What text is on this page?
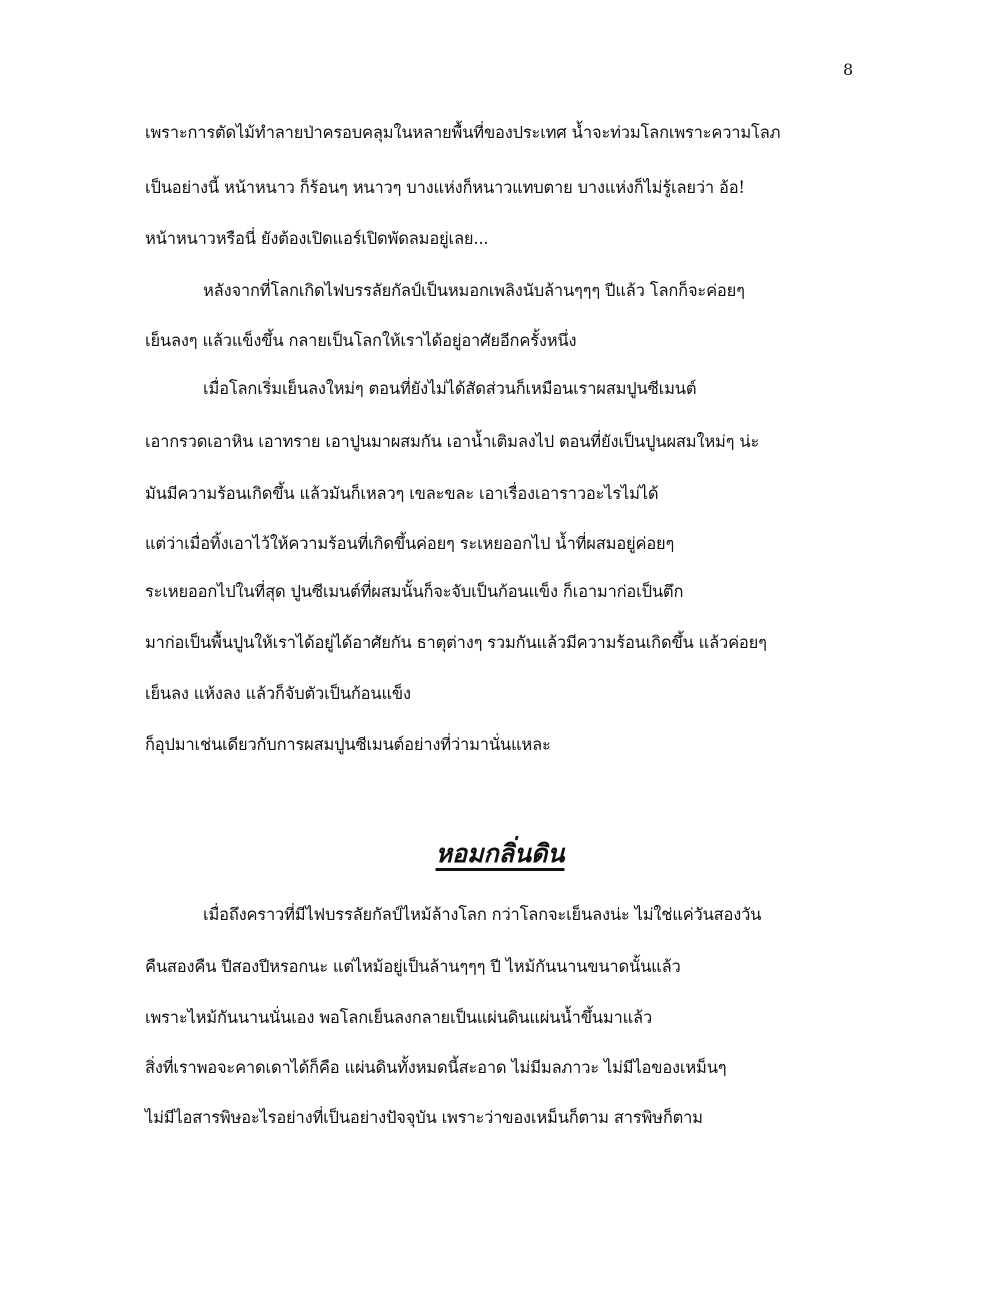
8
เพราะการตัดไม้ทำลายป่าครอบคลุมในหลายพื้นที่ของประเทศ น้ำจะท่วมโลกเพราะความโลภ
เป็นอย่างนี้ หน้าหนาว ก็ร้อนๆ หนาวๆ บางแห่งก็หนาวแทบตาย บางแห่งก็ไม่รู้เลยว่า อ้อ!
หน้าหนาวหรือนี่ ยังต้องเปิดแอร์เปิดพัดลมอยู่เลย...
หลังจากที่โลกเกิดไฟบรรลัยกัลป์เป็นหมอกเพลิงนับล้านๆๆๆ ปีแล้ว โลกก็จะค่อยๆ
เย็นลงๆ แล้วแข็งขึ้น กลายเป็นโลกให้เราได้อยู่อาศัยอีกครั้งหนึ่ง
เมื่อโลกเริ่มเย็นลงใหม่ๆ ตอนที่ยังไม่ได้สัดส่วนก็เหมือนเราผสมปูนซีเมนต์
เอากรวดเอาหิน เอาทราย เอาปูนมาผสมกัน เอาน้ำเติมลงไป ตอนที่ยังเป็นปูนผสมใหม่ๆ น่ะ
มันมีความร้อนเกิดขึ้น แล้วมันก็เหลวๆ เขละขละ เอาเรื่องเอาราวอะไรไม่ได้
แต่ว่าเมื่อทิ้งเอาไว้ให้ความร้อนที่เกิดขึ้นค่อยๆ ระเหยออกไป น้ำที่ผสมอยู่ค่อยๆ
ระเหยออกไปในที่สุด ปูนซีเมนต์ที่ผสมนั้นก็จะจับเป็นก้อนแข็ง ก็เอามาก่อเป็นตึก
มาก่อเป็นพื้นปูนให้เราได้อยู่ได้อาศัยกัน ธาตุต่างๆ รวมกันแล้วมีความร้อนเกิดขึ้น แล้วค่อยๆ
เย็นลง แห้งลง แล้วก็จับตัวเป็นก้อนแข็ง
ก็อุปมาเช่นเดียวกับการผสมปูนซีเมนต์อย่างที่ว่ามานั่นแหละ
หอมกลิ่นดิน
เมื่อถึงคราวที่มีไฟบรรลัยกัลป์ไหม้ล้างโลก กว่าโลกจะเย็นลงน่ะ ไม่ใช่แค่วันสองวัน
คืนสองคืน ปีสองปีหรอกนะ แต่ไหม้อยู่เป็นล้านๆๆๆ ปี ไหม้กันนานขนาดนั้นแล้ว
เพราะไหม้กันนานนั่นเอง พอโลกเย็นลงกลายเป็นแผ่นดินแผ่นน้ำขึ้นมาแล้ว
สิ่งที่เราพอจะคาดเดาได้ก็คือ แผ่นดินทั้งหมดนี้สะอาด ไม่มีมลภาวะ ไม่มีไอของเหม็นๆ
ไม่มีไอสารพิษอะไรอย่างที่เป็นอย่างปัจจุบัน เพราะว่าของเหม็นก็ตาม สารพิษก็ตาม
